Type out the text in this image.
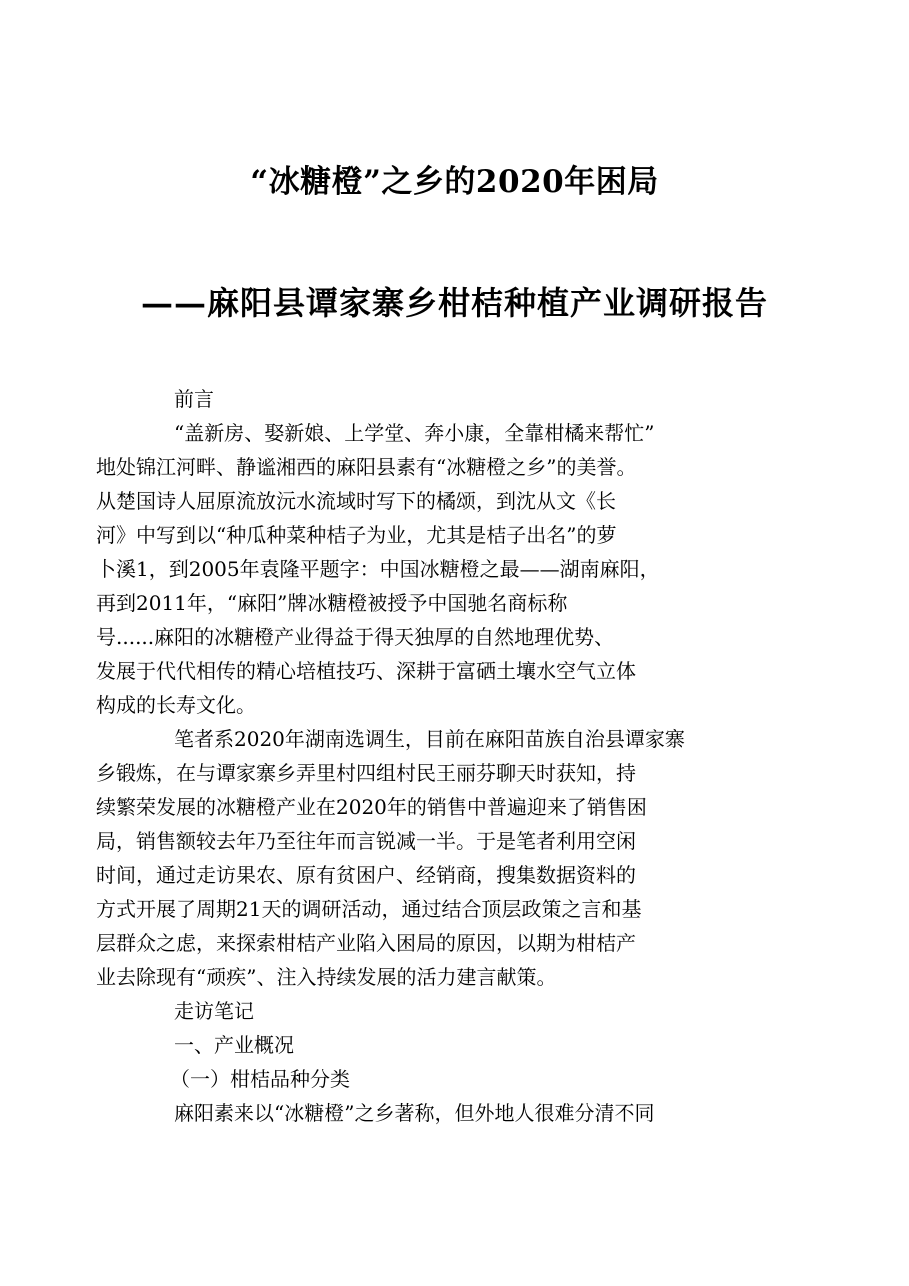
“冰糖橙”之乡的2020年困局
——麻阳县谭家寨乡柑桔种植产业调研报告
前言
“盖新房、娶新娘、上学堂、奔小康，全靠柑橘来帮忙”
地处锦江河畔、静谧湘西的麻阳县素有“冰糖橙之乡”的美誉。
从楚国诗人屈原流放沅水流域时写下的橘颂，到沈从文《长
河》中写到以“种瓜种菜种桔子为业，尤其是桔子出名”的萝
卜溪1，到2005年袁隆平题字：中国冰糖橙之最——湖南麻阳，
再到2011年，“麻阳”牌冰糖橙被授予中国驰名商标称
号......麻阳的冰糖橙产业得益于得天独厚的自然地理优势、
发展于代代相传的精心培植技巧、深耕于富硒土壤水空气立体
构成的长寿文化。
笔者系2020年湖南选调生，目前在麻阳苗族自治县谭家寨
乡锻炼，在与谭家寨乡弄里村四组村民王丽芬聊天时获知，持
续繁荣发展的冰糖橙产业在2020年的销售中普遍迎来了销售困
局，销售额较去年乃至往年而言锐减一半。于是笔者利用空闲
时间，通过走访果农、原有贫困户、经销商，搜集数据资料的
方式开展了周期21天的调研活动，通过结合顶层政策之言和基
层群众之虑，来探索柑桔产业陷入困局的原因，以期为柑桔产
业去除现有“顽疾”、注入持续发展的活力建言献策。
走访笔记
一、产业概况
（一）柑桔品种分类
麻阳素来以“冰糖橙”之乡著称，但外地人很难分清不同
